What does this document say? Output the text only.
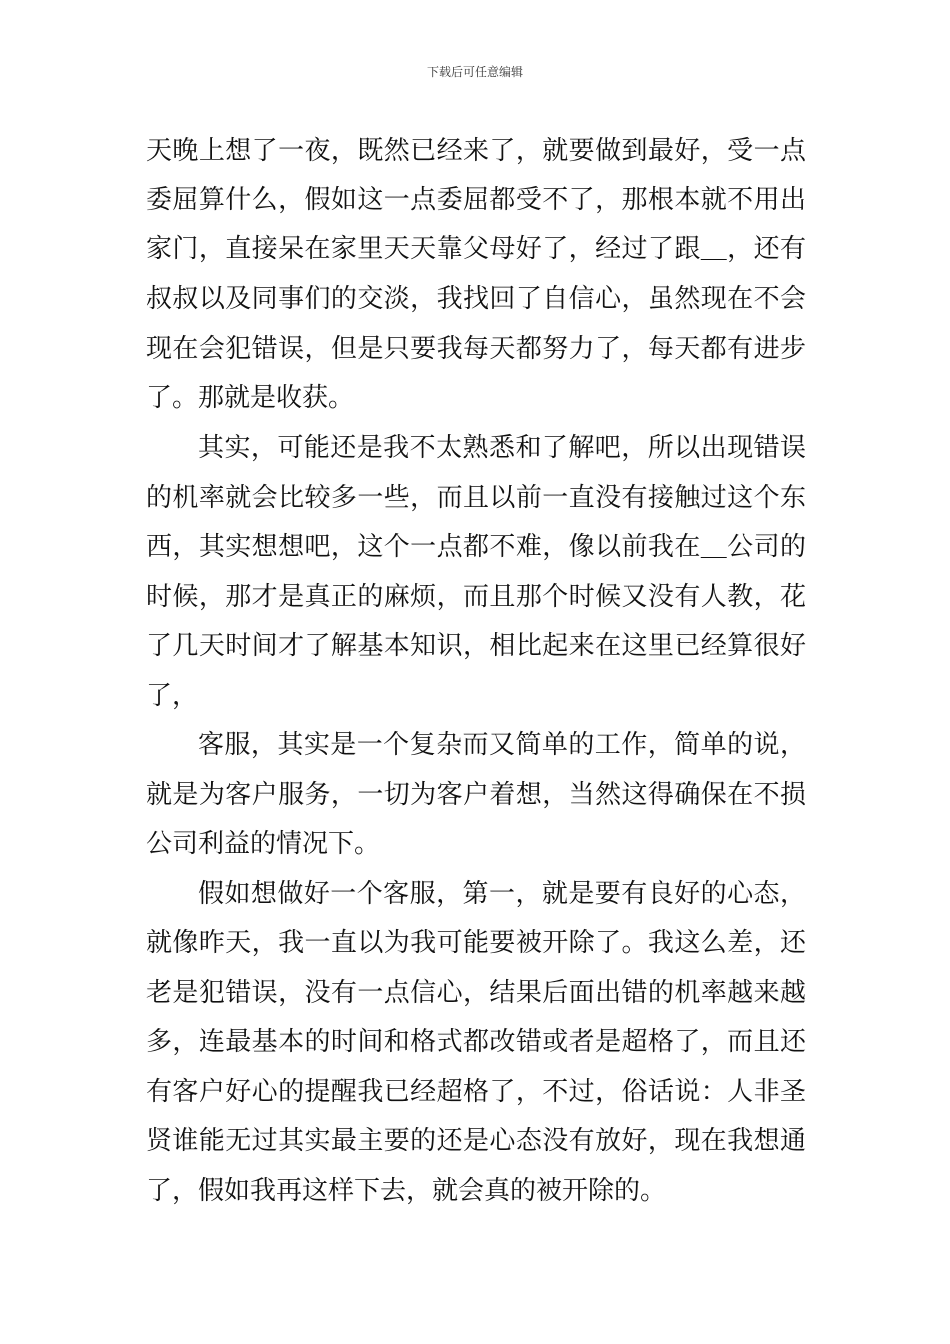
下载后可任意编辑
天晚上想了一夜，既然已经来了，就要做到最好，受一点
委屈算什么，假如这一点委屈都受不了，那根本就不用出
家门，直接呆在家里天天靠父母好了，经过了跟＿，还有
叔叔以及同事们的交淡，我找回了自信心，虽然现在不会
现在会犯错误，但是只要我每天都努力了，每天都有进步
了。那就是收获。
其实，可能还是我不太熟悉和了解吧，所以出现错误
的机率就会比较多一些，而且以前一直没有接触过这个东
西，其实想想吧，这个一点都不难，像以前我在＿公司的
时候，那才是真正的麻烦，而且那个时候又没有人教，花
了几天时间才了解基本知识，相比起来在这里已经算很好
了，
客服，其实是一个复杂而又简单的工作，简单的说，
就是为客户服务，一切为客户着想，当然这得确保在不损
公司利益的情况下。
假如想做好一个客服，第一，就是要有良好的心态，
就像昨天，我一直以为我可能要被开除了。我这么差，还
老是犯错误，没有一点信心，结果后面出错的机率越来越
多，连最基本的时间和格式都改错或者是超格了，而且还
有客户好心的提醒我已经超格了，不过，俗话说：人非圣
贤谁能无过其实最主要的还是心态没有放好，现在我想通
了，假如我再这样下去，就会真的被开除的。
